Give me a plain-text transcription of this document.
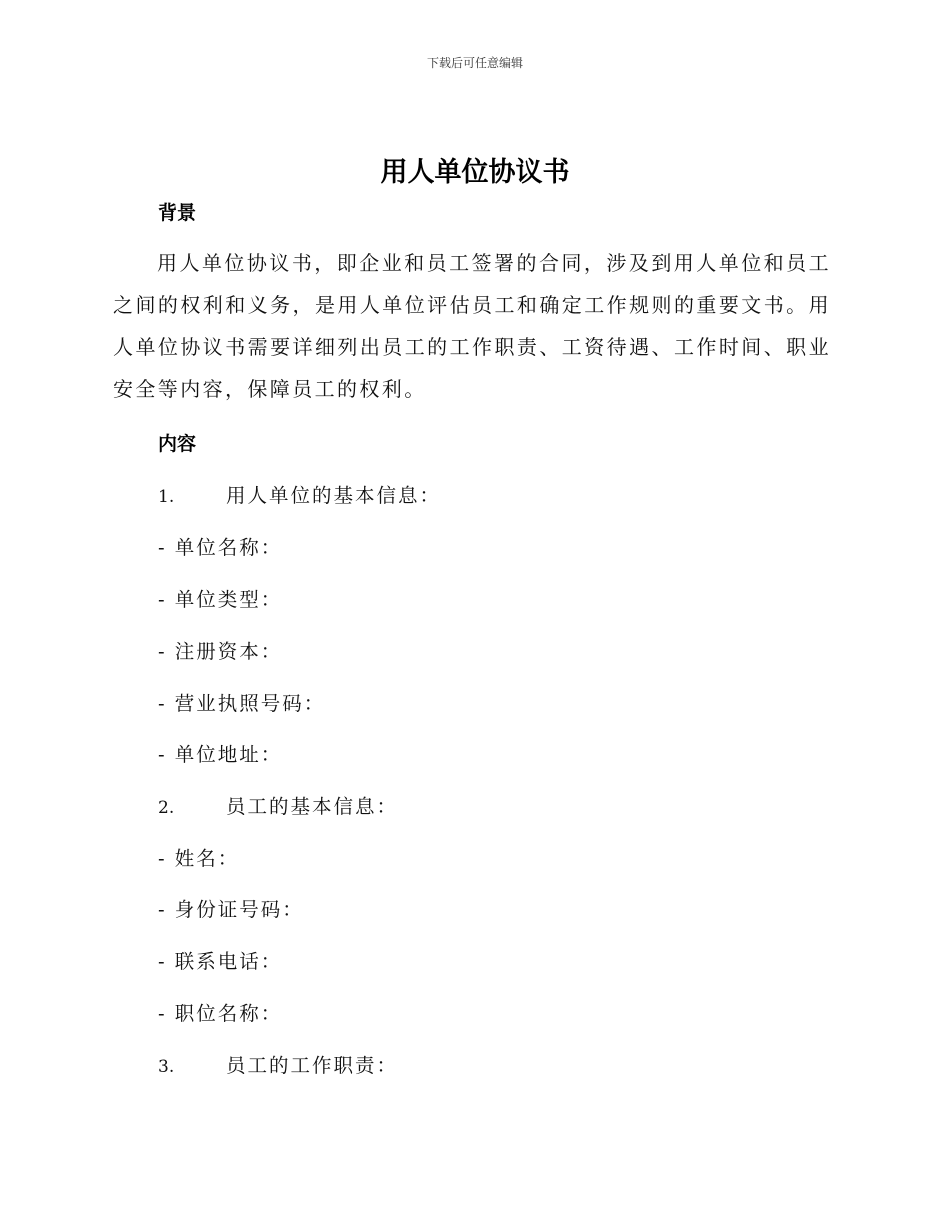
下载后可任意编辑
用人单位协议书
背景
用人单位协议书，即企业和员工签署的合同，涉及到用人单位和员工之间的权利和义务，是用人单位评估员工和确定工作规则的重要文书。用人单位协议书需要详细列出员工的工作职责、工资待遇、工作时间、职业安全等内容，保障员工的权利。
内容
1.	用人单位的基本信息：
- 单位名称：
- 单位类型：
- 注册资本：
- 营业执照号码：
- 单位地址：
2.	员工的基本信息：
- 姓名：
- 身份证号码：
- 联系电话：
- 职位名称：
3.	员工的工作职责：
